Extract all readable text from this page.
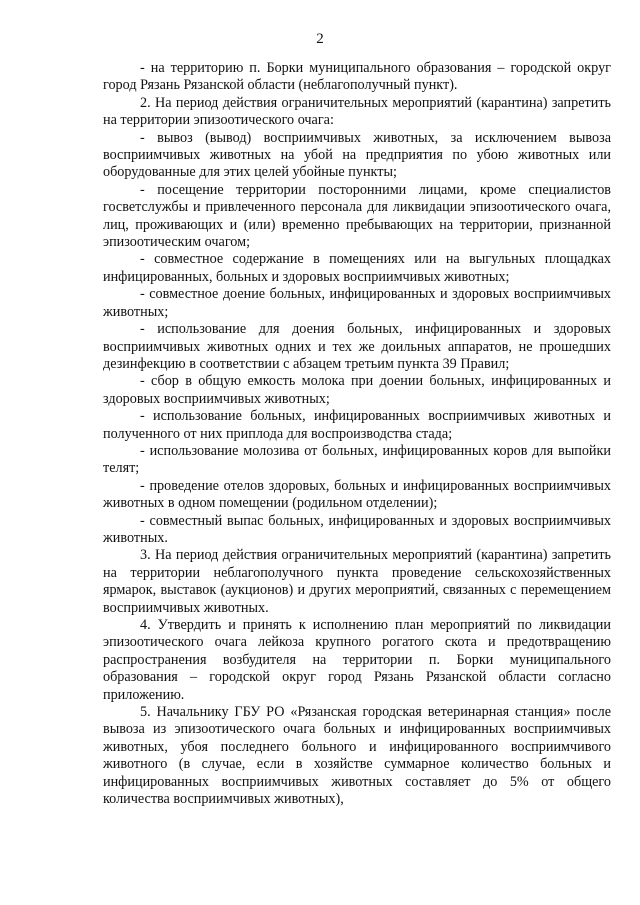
2

- на территорию п. Борки муниципального образования – городской округ город Рязань Рязанской области (неблагополучный пункт).

2. На период действия ограничительных мероприятий (карантина) запретить на территории эпизоотического очага:

- вывоз (вывод) восприимчивых животных, за исключением вывоза восприимчивых животных на убой на предприятия по убою животных или оборудованные для этих целей убойные пункты;

- посещение территории посторонними лицами, кроме специалистов госветслужбы и привлеченного персонала для ликвидации эпизоотического очага, лиц, проживающих и (или) временно пребывающих на территории, признанной эпизоотическим очагом;

- совместное содержание в помещениях или на выгульных площадках инфицированных, больных и здоровых восприимчивых животных;

- совместное доение больных, инфицированных и здоровых восприимчивых животных;

- использование для доения больных, инфицированных и здоровых восприимчивых животных одних и тех же доильных аппаратов, не прошедших дезинфекцию в соответствии с абзацем третьим пункта 39 Правил;

- сбор в общую емкость молока при доении больных, инфицированных и здоровых восприимчивых животных;

- использование больных, инфицированных восприимчивых животных и полученного от них приплода для воспроизводства стада;

- использование молозива от больных, инфицированных коров для выпойки телят;

- проведение отелов здоровых, больных и инфицированных восприимчивых животных в одном помещении (родильном отделении);

- совместный выпас больных, инфицированных и здоровых восприимчивых животных.

3. На период действия ограничительных мероприятий (карантина) запретить на территории неблагополучного пункта проведение сельскохозяйственных ярмарок, выставок (аукционов) и других мероприятий, связанных с перемещением восприимчивых животных.

4. Утвердить и принять к исполнению план мероприятий по ликвидации эпизоотического очага лейкоза крупного рогатого скота и предотвращению распространения возбудителя на территории п. Борки муниципального образования – городской округ город Рязань Рязанской области согласно приложению.

5. Начальнику ГБУ РО «Рязанская городская ветеринарная станция» после вывоза из эпизоотического очага больных и инфицированных восприимчивых животных, убоя последнего больного и инфицированного восприимчивого животного (в случае, если в хозяйстве суммарное количество больных и инфицированных восприимчивых животных составляет до 5% от общего количества восприимчивых животных),
